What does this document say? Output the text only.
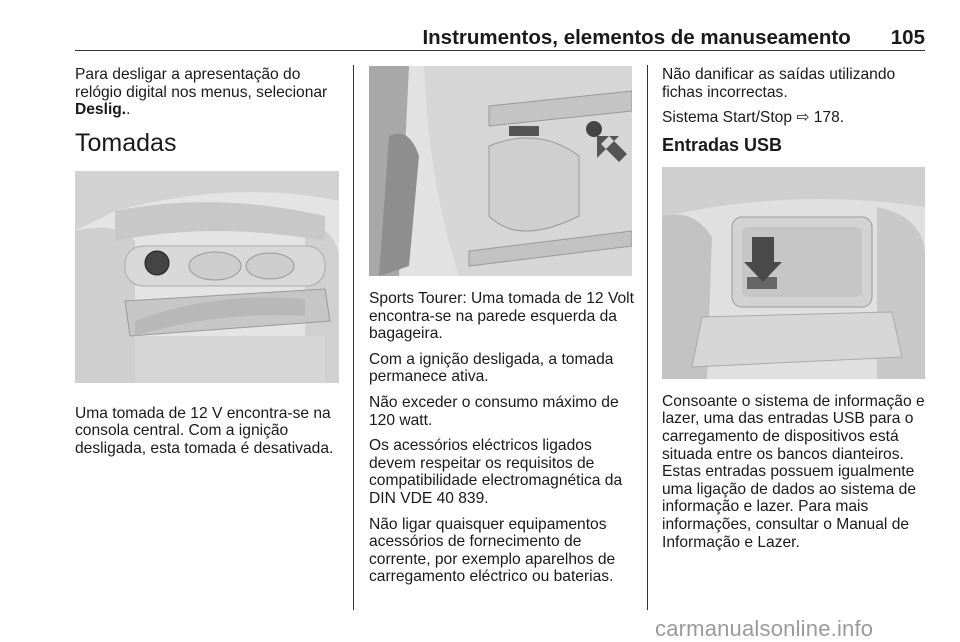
Instrumentos, elementos de manuseamento 105

Para desligar a apresentação do relógio digital nos menus, selecionar Deslig..

Tomadas

Uma tomada de 12 V encontra-se na consola central. Com a ignição desligada, esta tomada é desativada.

Sports Tourer: Uma tomada de 12 Volt encontra-se na parede esquerda da bagageira.

Com a ignição desligada, a tomada permanece ativa.

Não exceder o consumo máximo de 120 watt.

Os acessórios eléctricos ligados devem respeitar os requisitos de compatibilidade electromagnética da DIN VDE 40 839.

Não ligar quaisquer equipamentos acessórios de fornecimento de corrente, por exemplo aparelhos de carregamento eléctrico ou baterias.

Não danificar as saídas utilizando fichas incorrectas.

Sistema Start/Stop ⇨ 178.

Entradas USB

Consoante o sistema de informação e lazer, uma das entradas USB para o carregamento de dispositivos está situada entre os bancos dianteiros. Estas entradas possuem igualmente uma ligação de dados ao sistema de informação e lazer. Para mais informações, consultar o Manual de Informação e Lazer.

carmanualsonline.info
